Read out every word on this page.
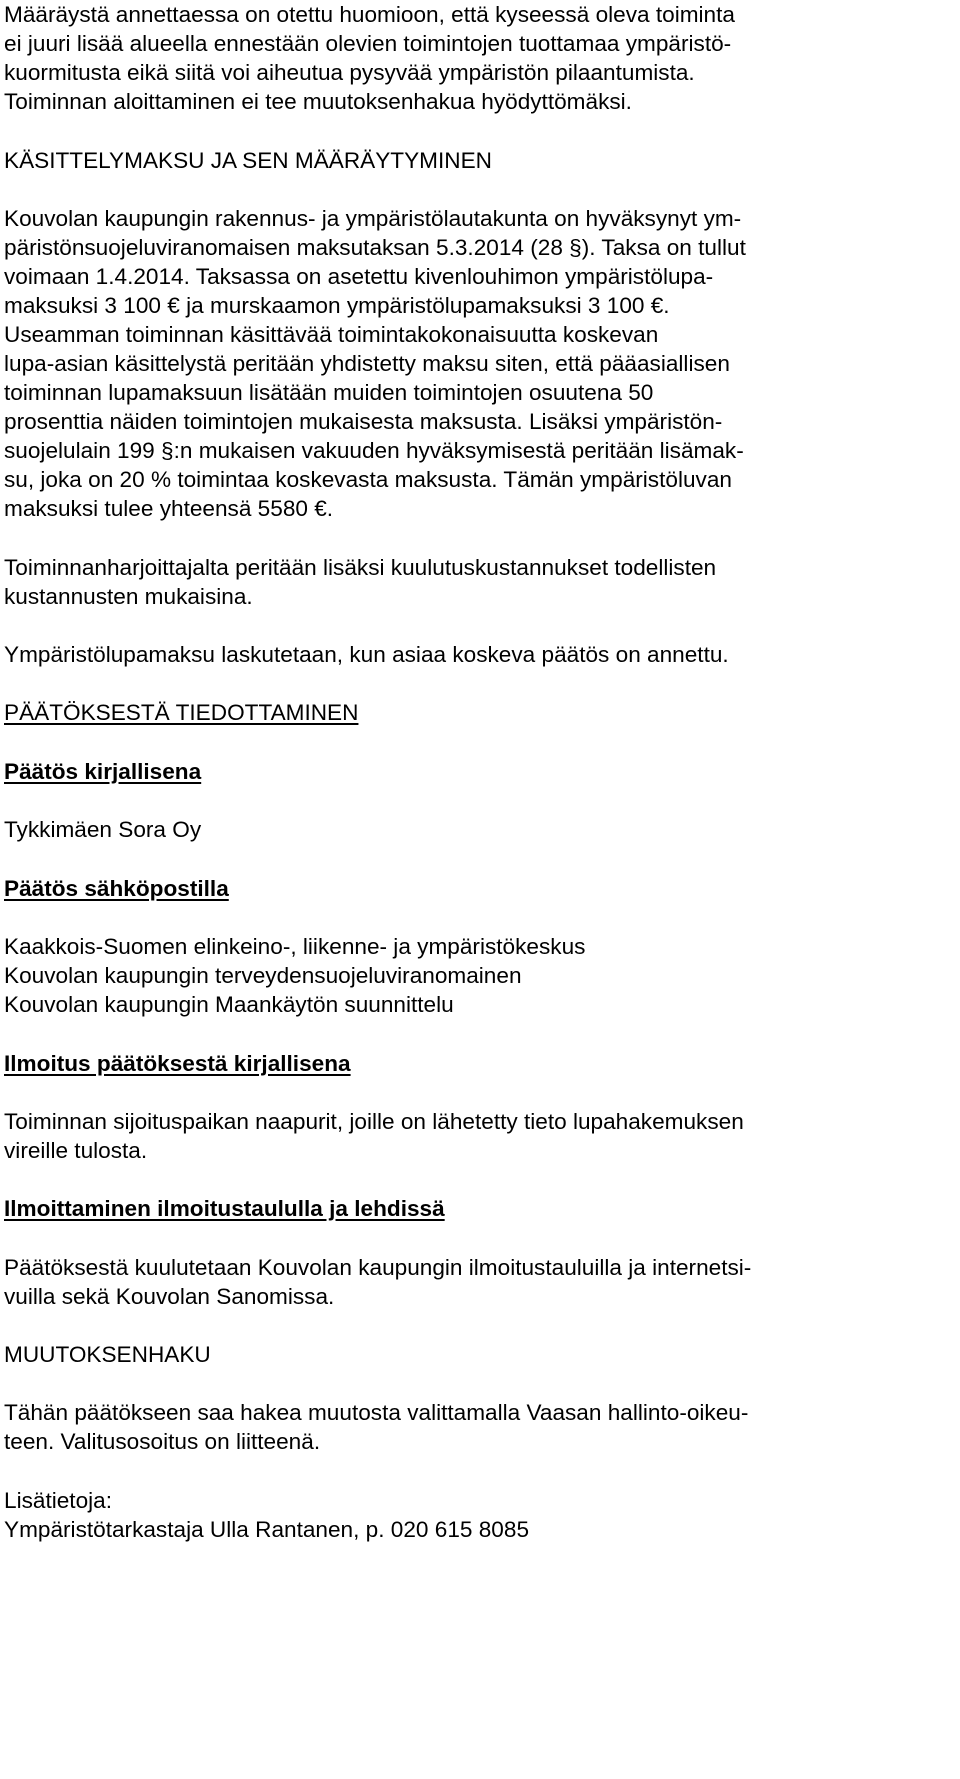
Määräystä annettaessa on otettu huomioon, että kyseessä oleva toiminta
ei juuri lisää alueella ennestään olevien toimintojen tuottamaa ympäristö-
kuormitusta eikä siitä voi aiheutua pysyvää ympäristön pilaantumista.
Toiminnan aloittaminen ei tee muutoksenhakua hyödyttömäksi.
KÄSITTELYMAKSU JA SEN MÄÄRÄYTYMINEN
Kouvolan kaupungin rakennus- ja ympäristölautakunta on hyväksynyt ym-
päristönsuojeluviranomaisen maksutaksan 5.3.2014 (28 §). Taksa on tullut
voimaan 1.4.2014. Taksassa on asetettu kivenlouhimon ympäristölupa-
maksuksi 3 100 € ja murskaamon ympäristölupamaksuksi 3 100 €.
Useamman toiminnan käsittävää toimintakokonaisuutta koskevan
lupa-asian käsittelystä peritään yhdistetty maksu siten, että pääasiallisen
toiminnan lupamaksuun lisätään muiden toimintojen osuutena 50
prosenttia näiden toimintojen mukaisesta maksusta. Lisäksi ympäristön-
suojelulain 199 §:n mukaisen vakuuden hyväksymisestä peritään lisämak-
su, joka on 20 % toimintaa koskevasta maksusta. Tämän ympäristöluvan
maksuksi tulee yhteensä 5580 €.
Toiminnanharjoittajalta peritään lisäksi kuulutuskustannukset todellisten
kustannusten mukaisina.
Ympäristölupamaksu laskutetaan, kun asiaa koskeva päätös on annettu.
PÄÄTÖKSESTÄ TIEDOTTAMINEN
Päätös kirjallisena
Tykkimäen Sora Oy
Päätös sähköpostilla
Kaakkois-Suomen elinkeino-, liikenne- ja ympäristökeskus
Kouvolan kaupungin terveydensuojeluviranomainen
Kouvolan kaupungin Maankäytön suunnittelu
Ilmoitus päätöksestä kirjallisena
Toiminnan sijoituspaikan naapurit, joille on lähetetty tieto lupahakemuksen
vireille tulosta.
Ilmoittaminen ilmoitustaululla ja lehdissä
Päätöksestä kuulutetaan Kouvolan kaupungin ilmoitustauluilla ja internetsi-
vuilla sekä Kouvolan Sanomissa.
MUUTOKSENHAKU
Tähän päätökseen saa hakea muutosta valittamalla Vaasan hallinto-oikeu-
teen. Valitusosoitus on liitteenä.
Lisätietoja:
Ympäristötarkastaja Ulla Rantanen, p. 020 615 8085
